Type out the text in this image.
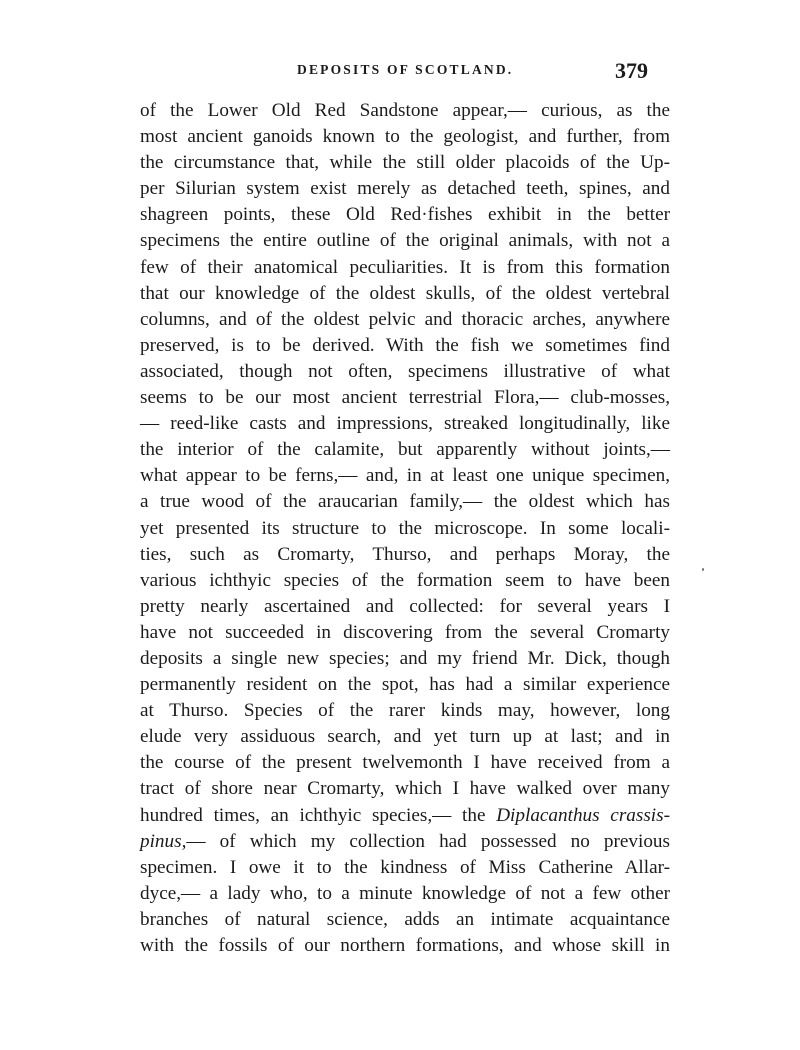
DEPOSITS OF SCOTLAND.	379
of the Lower Old Red Sandstone appear,— curious, as the
most ancient ganoids known to the geologist, and further, from
the circumstance that, while the still older placoids of the Up-
per Silurian system exist merely as detached teeth, spines, and
shagreen points, these Old Red·fishes exhibit in the better
specimens the entire outline of the original animals, with not a
few of their anatomical peculiarities. It is from this formation
that our knowledge of the oldest skulls, of the oldest vertebral
columns, and of the oldest pelvic and thoracic arches, anywhere
preserved, is to be derived. With the fish we sometimes find
associated, though not often, specimens illustrative of what
seems to be our most ancient terrestrial Flora,— club-mosses,
— reed-like casts and impressions, streaked longitudinally, like
the interior of the calamite, but apparently without joints,—
what appear to be ferns,— and, in at least one unique specimen,
a true wood of the araucarian family,— the oldest which has
yet presented its structure to the microscope. In some locali-
ties, such as Cromarty, Thurso, and perhaps Moray, the
various ichthyic species of the formation seem to have been
pretty nearly ascertained and collected: for several years I
have not succeeded in discovering from the several Cromarty
deposits a single new species; and my friend Mr. Dick, though
permanently resident on the spot, has had a similar experience
at Thurso. Species of the rarer kinds may, however, long
elude very assiduous search, and yet turn up at last; and in
the course of the present twelvemonth I have received from a
tract of shore near Cromarty, which I have walked over many
hundred times, an ichthyic species,— the Diplacanthus crassis-
pinus,— of which my collection had possessed no previous
specimen. I owe it to the kindness of Miss Catherine Allar-
dyce,— a lady who, to a minute knowledge of not a few other
branches of natural science, adds an intimate acquaintance
with the fossils of our northern formations, and whose skill in
